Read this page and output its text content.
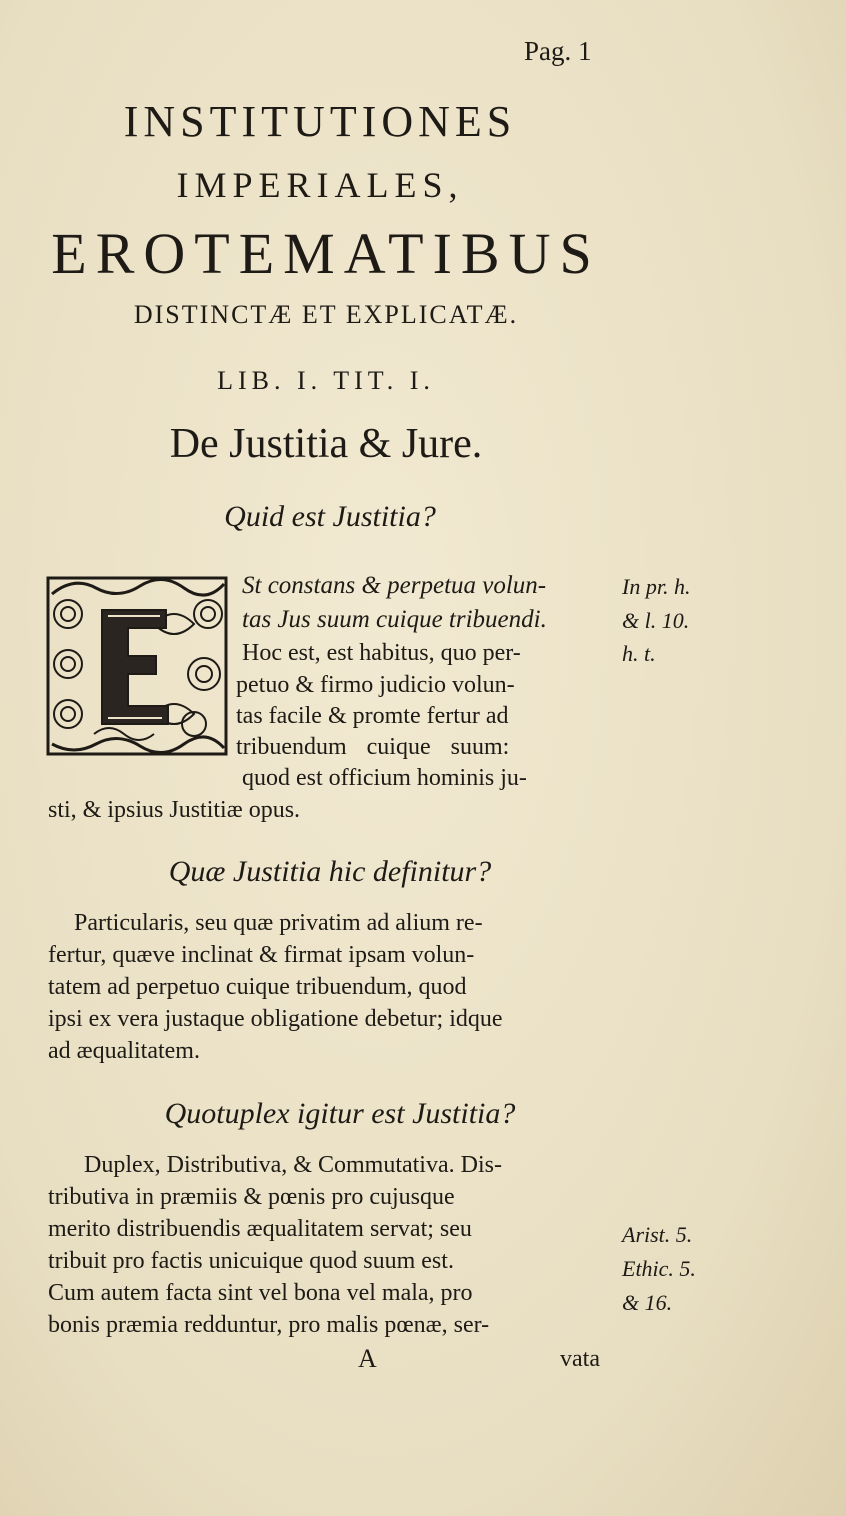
Pag. 1
INSTITUTIONES
IMPERIALES,
EROTEMATIBUS
DISTINCTÆ ET EXPLICATÆ.
LIB. I. TIT. I.
De Justitia & Jure.
Quid est Justitia?
St constans & perpetua volun-
tas Jus suum cuique tribuendi.
Hoc est, est habitus, quo per-
petuo & firmo judicio volun-
tas facile & promte fertur ad
tribuendum cuique suum:
quod est officium hominis ju-
sti, & ipsius Justitiæ opus.
In pr. h.
& l. 10.
h. t.
Quæ Justitia hic definitur?
Particularis, seu quæ privatim ad alium re-
fertur, quæve inclinat & firmat ipsam volun-
tatem ad perpetuo cuique tribuendum, quod
ipsi ex vera justaque obligatione debetur; idque
ad æqualitatem.
Quotuplex igitur est Justitia?
Duplex, Distributiva, & Commutativa. Dis-
tributiva in præmiis & pœnis pro cujusque
merito distribuendis æqualitatem servat; seu
tribuit pro factis unicuique quod suum est.
Cum autem facta sint vel bona vel mala, pro
bonis præmia redduntur, pro malis pœnæ, ser-
Arist. 5.
Ethic. 5.
& 16.
A	vata
